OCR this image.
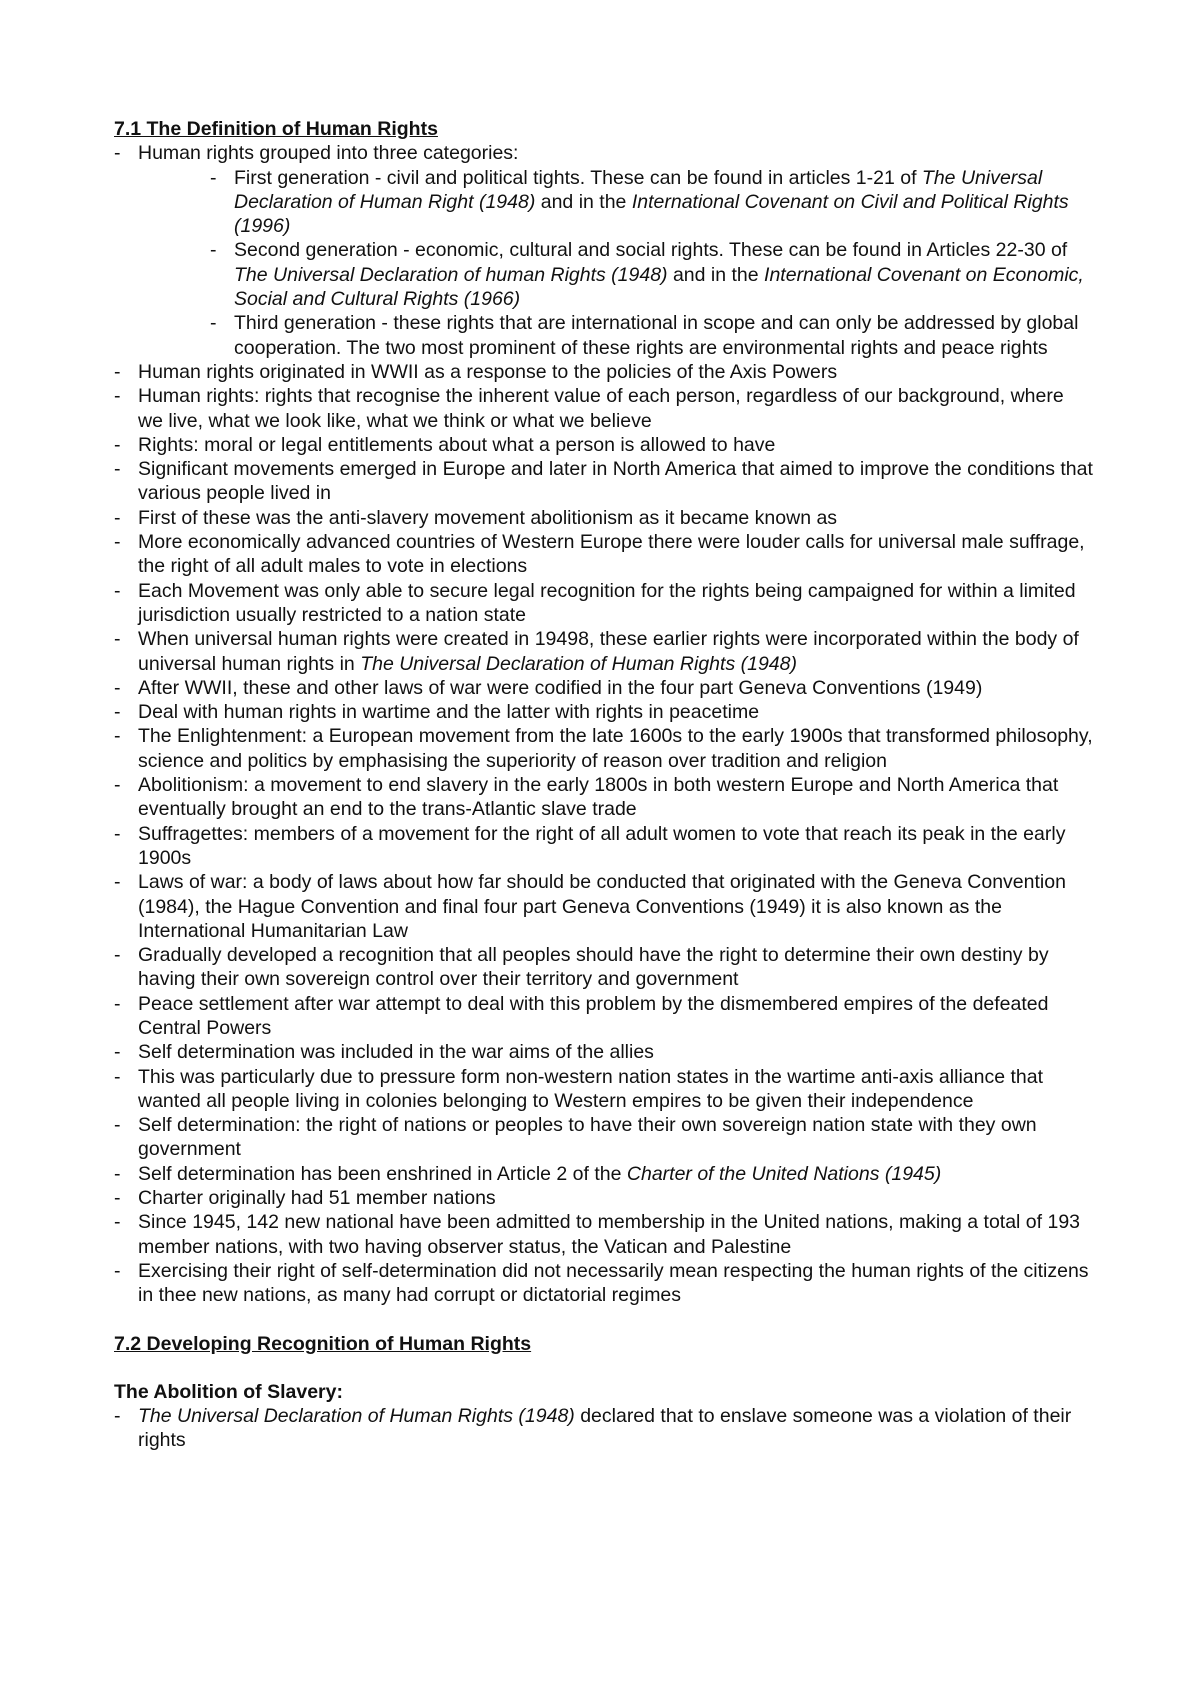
7.1 The Definition of Human Rights
- Human rights grouped into three categories:
- First generation - civil and political tights. These can be found in articles 1-21 of The Universal Declaration of Human Right (1948) and in the International Covenant on Civil and Political Rights (1996)
- Second generation - economic, cultural and social rights. These can be found in Articles 22-30 of The Universal Declaration of human Rights (1948) and in the International Covenant on Economic, Social and Cultural Rights (1966)
- Third generation - these rights that are international in scope and can only be addressed by global cooperation. The two most prominent of these rights are environmental rights and peace rights
- Human rights originated in WWII as a response to the policies of the Axis Powers
- Human rights: rights that recognise the inherent value of each person, regardless of our background, where we live, what we look like, what we think or what we believe
- Rights: moral or legal entitlements about what a person is allowed to have
- Significant movements emerged in Europe and later in North America that aimed to improve the conditions that various people lived in
- First of these was the anti-slavery movement abolitionism as it became known as
- More economically advanced countries of Western Europe there were louder calls for universal male suffrage, the right of all adult males to vote in elections
- Each Movement was only able to secure legal recognition for the rights being campaigned for within a limited jurisdiction usually restricted to a nation state
- When universal human rights were created in 19498, these earlier rights were incorporated within the body of universal human rights in The Universal Declaration of Human Rights (1948)
- After WWII, these and other laws of war were codified in the four part Geneva Conventions (1949)
- Deal with human rights in wartime and the latter with rights in peacetime
- The Enlightenment: a European movement from the late 1600s to the early 1900s that transformed philosophy, science and politics by emphasising the superiority of reason over tradition and religion
- Abolitionism: a movement to end slavery in the early 1800s in both western Europe and North America that eventually brought an end to the trans-Atlantic slave trade
- Suffragettes: members of a movement for the right of all adult women to vote that reach its peak in the early 1900s
- Laws of war: a body of laws about how far should be conducted that originated with the Geneva Convention (1984), the Hague Convention and final four part Geneva Conventions (1949) it is also known as the International Humanitarian Law
- Gradually developed a recognition that all peoples should have the right to determine their own destiny by having their own sovereign control over their territory and government
- Peace settlement after war attempt to deal with this problem by the dismembered empires of the defeated Central Powers
- Self determination was included in the war aims of the allies
- This was particularly due to pressure form non-western nation states in the wartime anti-axis alliance that wanted all people living in colonies belonging to Western empires to be given their independence
- Self determination: the right of nations or peoples to have their own sovereign nation state with they own government
- Self determination has been enshrined in Article 2 of the Charter of the United Nations (1945)
- Charter originally had 51 member nations
- Since 1945, 142 new national have been admitted to membership in the United nations, making a total of 193 member nations, with two having observer status, the Vatican and Palestine
- Exercising their right of self-determination did not necessarily mean respecting the human rights of the citizens in thee new nations, as many had corrupt or dictatorial regimes
7.2 Developing Recognition of Human Rights
The Abolition of Slavery:
- The Universal Declaration of Human Rights (1948) declared that to enslave someone was a violation of their rights
